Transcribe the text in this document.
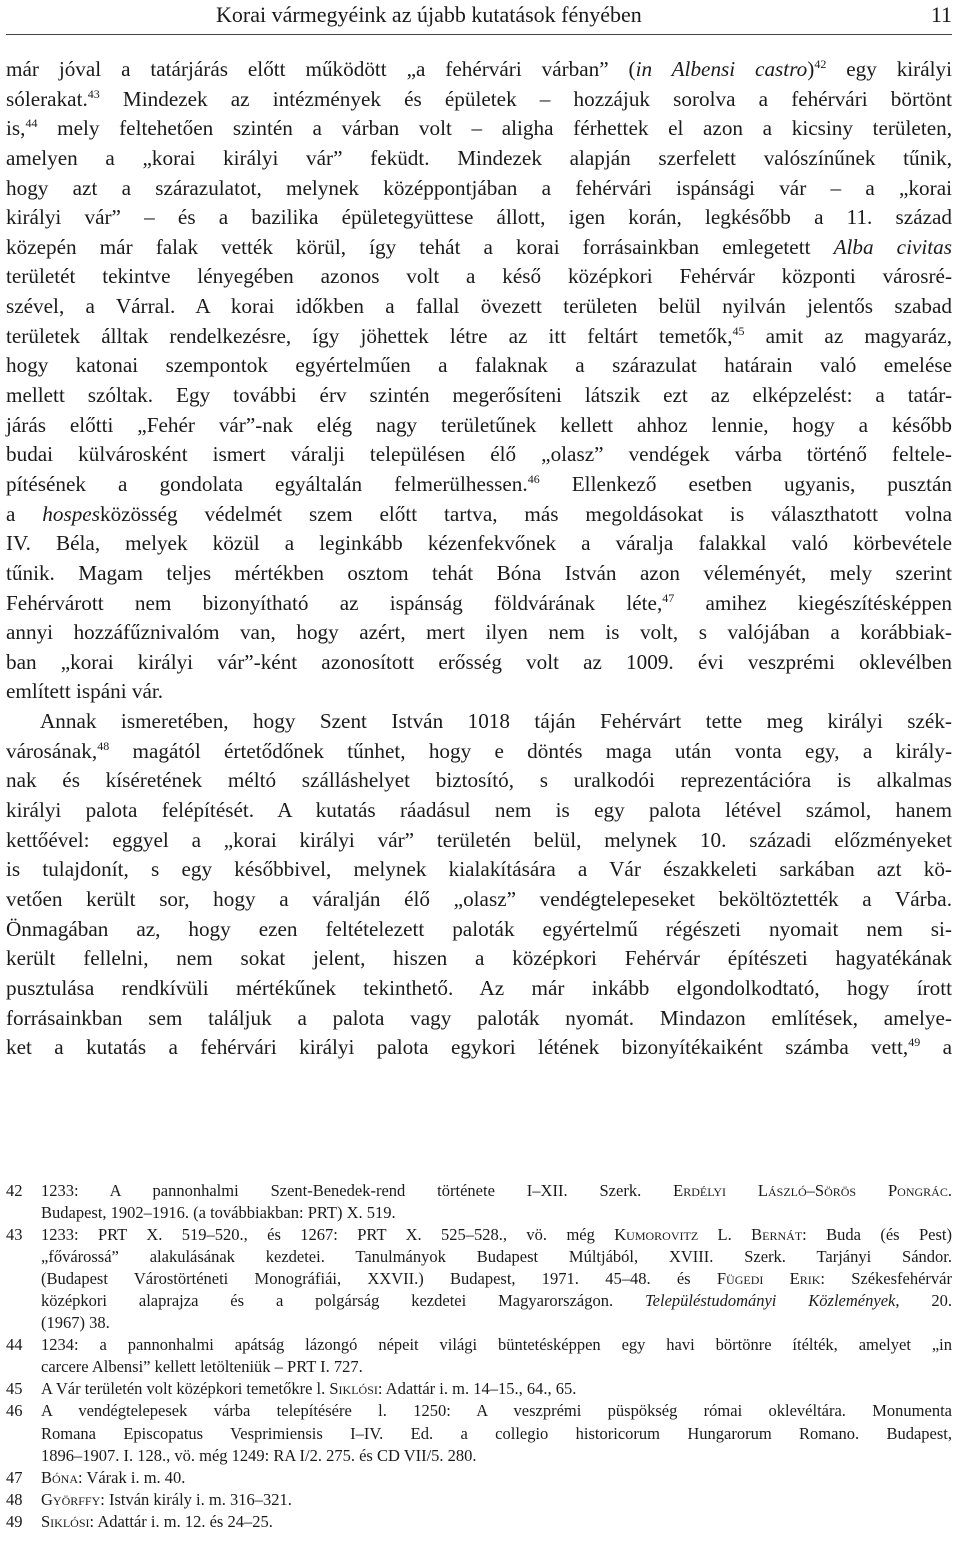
Korai vármegyéink az újabb kutatások fényében	11
már jóval a tatárjárás előtt működött „a fehérvári várban” (in Albensi castro)$^{42}$ egy királyi
sólerakat.$^{43}$ Mindezek az intézmények és épületek – hozzájuk sorolva a fehérvári börtönt
is,$^{44}$ mely feltehetően szintén a várban volt – aligha férhettek el azon a kicsiny területen,
amelyen a „korai királyi vár” feküdt. Mindezek alapján szerfelett valószínűnek tűnik,
hogy azt a szárazulatot, melynek középpontjában a fehérvári ispánsági vár – a „korai
királyi vár” – és a bazilika épületegyüttese állott, igen korán, legkésőbb a 11. század
közepén már falak vették körül, így tehát a korai forrásainkban emlegetett Alba civitas
területét tekintve lényegében azonos volt a késő középkori Fehérvár központi városré-
szével, a Várral. A korai időkben a fallal övezett területen belül nyilván jelentős szabad
területek álltak rendelkezésre, így jöhettek létre az itt feltárt temetők,$^{45}$ amit az magyaráz,
hogy katonai szempontok egyértelműen a falaknak a szárazulat határain való emelése
mellett szóltak. Egy további érv szintén megerősíteni látszik ezt az elképzelést: a tatár-
járás előtti „Fehér vár”-nak elég nagy területűnek kellett ahhoz lennie, hogy a később
budai külvárosként ismert váralji településen élő „olasz” vendégek várba történő feltele-
pítésének a gondolata egyáltalán felmerülhessen.$^{46}$ Ellenkező esetben ugyanis, pusztán
a hospesközösség védelmét szem előtt tartva, más megoldásokat is választhatott volna
IV. Béla, melyek közül a leginkább kézenfekvőnek a váralja falakkal való körbevétele
tűnik. Magam teljes mértékben osztom tehát Bóna István azon véleményét, mely szerint
Fehérvárott nem bizonyítható az ispánság földvárának léte,$^{47}$ amihez kiegészítésképpen
annyi hozzáfűznivalóm van, hogy azért, mert ilyen nem is volt, s valójában a korábbiak-
ban „korai királyi vár”-ként azonosított erősség volt az 1009. évi veszprémi oklevélben
említett ispáni vár.
Annak ismeretében, hogy Szent István 1018 táján Fehérvárt tette meg királyi szék-
városának,$^{48}$ magától értetődőnek tűnhet, hogy e döntés maga után vonta egy, a király-
nak és kíséretének méltó szálláshelyet biztosító, s uralkodói reprezentációra is alkalmas
királyi palota felépítését. A kutatás ráadásul nem is egy palota létével számol, hanem
kettőével: eggyel a „korai királyi vár” területén belül, melynek 10. századi előzményeket
is tulajdonít, s egy későbbivel, melynek kialakítására a Vár északkeleti sarkában azt kö-
vetően került sor, hogy a váralján élő „olasz” vendégtelepeseket beköltöztették a Várba.
Önmagában az, hogy ezen feltételezett paloták egyértelmű régészeti nyomait nem si-
került fellelni, nem sokat jelent, hiszen a középkori Fehérvár építészeti hagyatékának
pusztulása rendkívüli mértékűnek tekinthető. Az már inkább elgondolkodtató, hogy írott
forrásainkban sem találjuk a palota vagy paloták nyomát. Mindazon említések, amelye-
ket a kutatás a fehérvári királyi palota egykori létének bizonyítékaiként számba vett,$^{49}$ a
42 1233: A pannonhalmi Szent-Benedek-rend története I–XII. Szerk. Erdélyi László–Sörös Pongrác.
Budapest, 1902–1916. (a továbbiakban: PRT) X. 519.
43 1233: PRT X. 519–520., és 1267: PRT X. 525–528., vö. még Kumorovitz L. Bernát: Buda (és Pest)
„fővárossá” alakulásának kezdetei. Tanulmányok Budapest Múltjából, XVIII. Szerk. Tarjányi Sándor.
(Budapest Várostörténeti Monográfiái, XXVII.) Budapest, 1971. 45–48. és Fügedi Erik: Székesfehérvár
középkori alaprajza és a polgárság kezdetei Magyarországon. Településtudományi Közlemények, 20.
(1967) 38.
44 1234: a pannonhalmi apátság lázongó népeit világi büntetésképpen egy havi börtönre ítélték, amelyet „in
carcere Albensi” kellett letölteniük – PRT I. 727.
45 A Vár területén volt középkori temetőkre l. Siklósi: Adattár i. m. 14–15., 64., 65.
46 A vendégtelepesek várba telepítésére l. 1250: A veszprémi püspökség római oklevéltára. Monumenta
Romana Episcopatus Vesprimiensis I–IV. Ed. a collegio historicorum Hungarorum Romano. Budapest,
1896–1907. I. 128., vö. még 1249: RA I/2. 275. és CD VII/5. 280.
47 Bóna: Várak i. m. 40.
48 Györffy: István király i. m. 316–321.
49 Siklósi: Adattár i. m. 12. és 24–25.
